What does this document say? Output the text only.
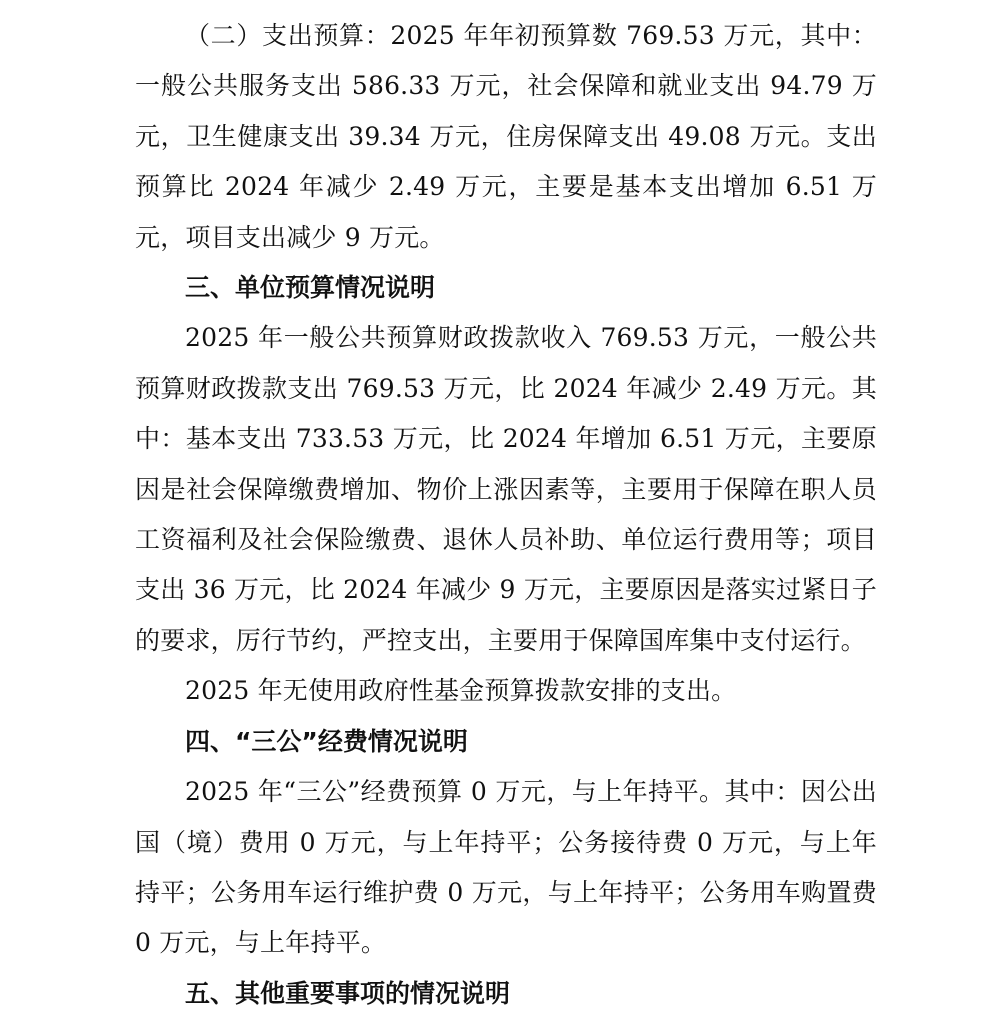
（二）支出预算：2025 年年初预算数 769.53 万元，其中：一般公共服务支出 586.33 万元，社会保障和就业支出 94.79 万元，卫生健康支出 39.34 万元，住房保障支出 49.08 万元。支出预算比 2024 年减少 2.49 万元，主要是基本支出增加 6.51 万元，项目支出减少 9 万元。

三、单位预算情况说明

2025 年一般公共预算财政拨款收入 769.53 万元，一般公共预算财政拨款支出 769.53 万元，比 2024 年减少 2.49 万元。其中：基本支出 733.53 万元，比 2024 年增加 6.51 万元，主要原因是社会保障缴费增加、物价上涨因素等，主要用于保障在职人员工资福利及社会保险缴费、退休人员补助、单位运行费用等；项目支出 36 万元，比 2024 年减少 9 万元，主要原因是落实过紧日子的要求，厉行节约，严控支出，主要用于保障国库集中支付运行。

2025 年无使用政府性基金预算拨款安排的支出。

四、“三公”经费情况说明

2025 年“三公”经费预算 0 万元，与上年持平。其中：因公出国（境）费用 0 万元，与上年持平；公务接待费 0 万元，与上年持平；公务用车运行维护费 0 万元，与上年持平；公务用车购置费 0 万元，与上年持平。

五、其他重要事项的情况说明
